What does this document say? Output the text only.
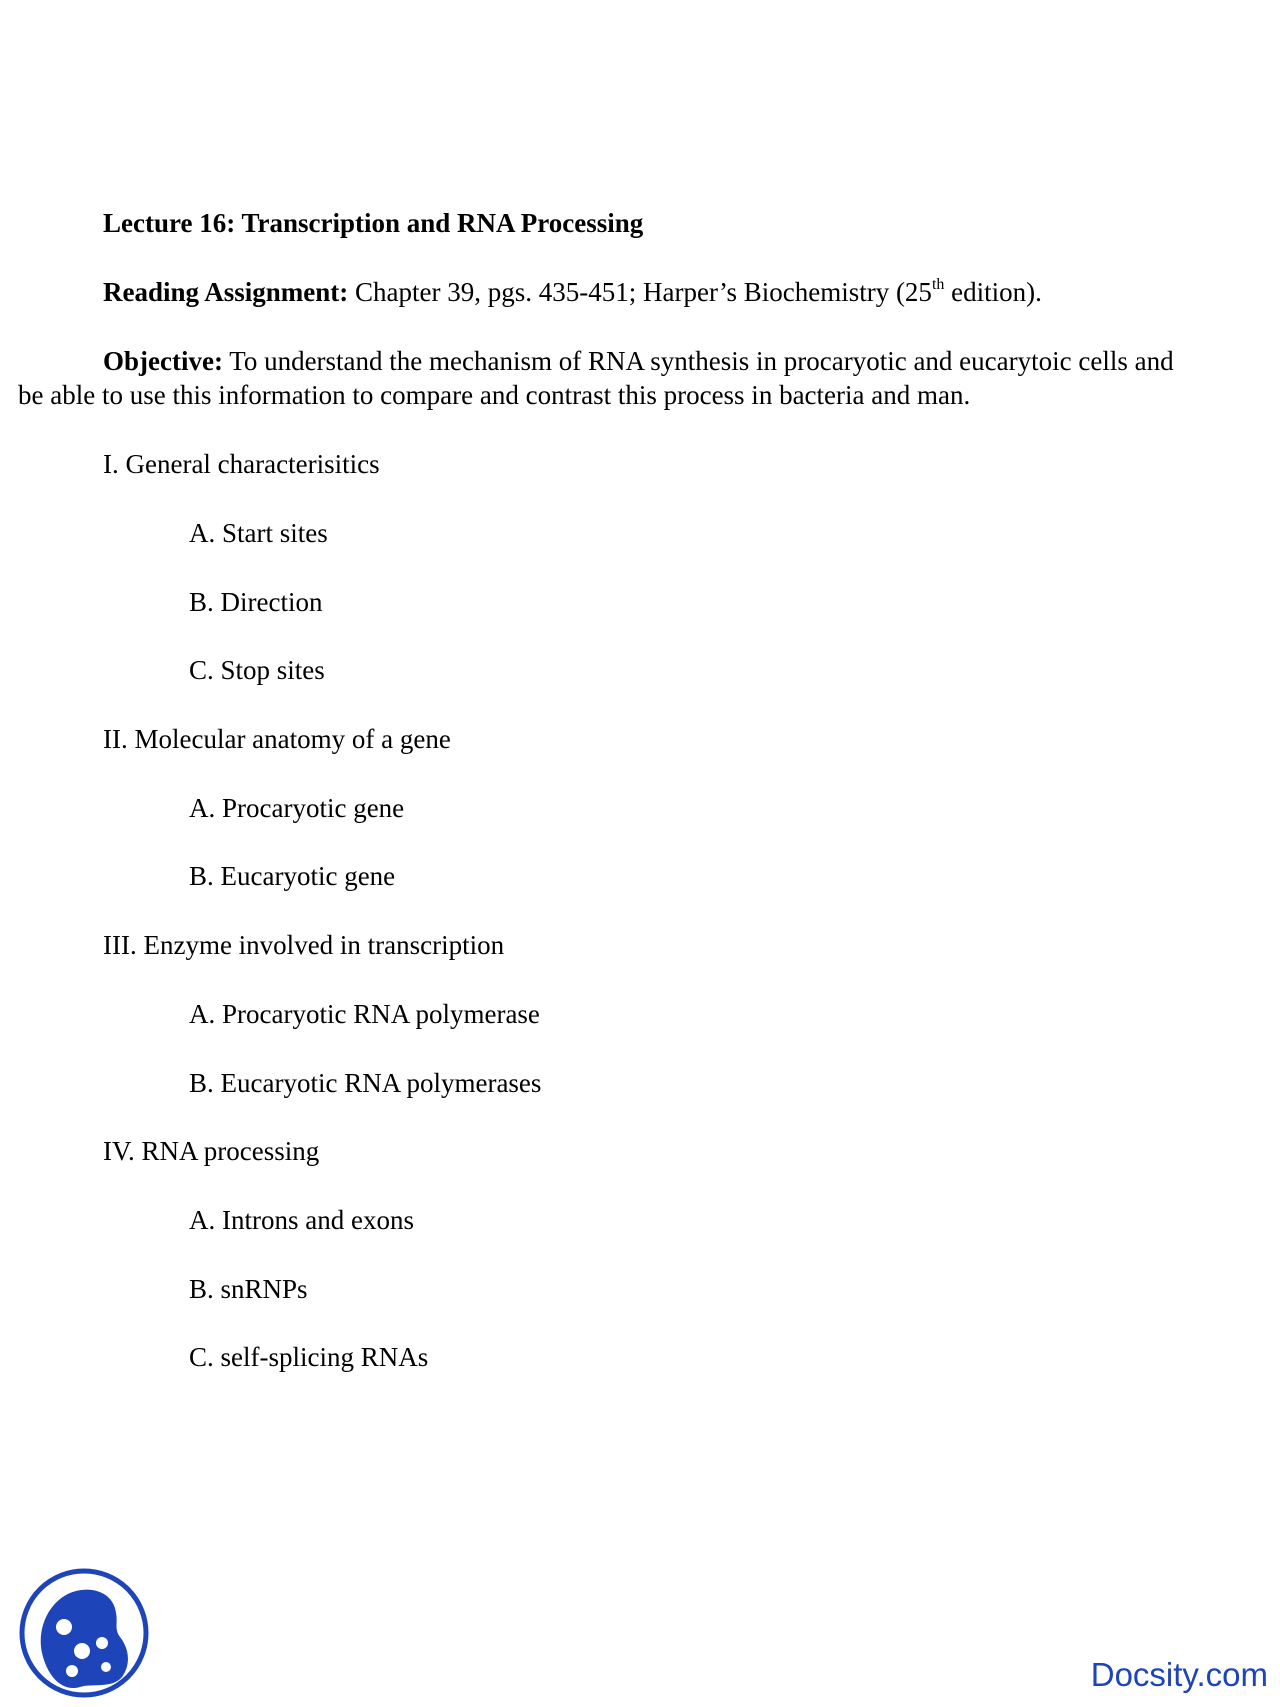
Lecture 16: Transcription and RNA Processing
Reading Assignment: Chapter 39, pgs. 435-451; Harper’s Biochemistry (25th edition).
Objective: To understand the mechanism of RNA synthesis in procaryotic and eucarytoic cells and
be able to use this information to compare and contrast this process in bacteria and man.
I. General characterisitics
A. Start sites
B. Direction
C. Stop sites
II. Molecular anatomy of a gene
A. Procaryotic gene
B. Eucaryotic gene
III. Enzyme involved in transcription
A. Procaryotic RNA polymerase
B. Eucaryotic RNA polymerases
IV. RNA processing
A. Introns and exons
B. snRNPs
C. self-splicing RNAs
Docsity.com
